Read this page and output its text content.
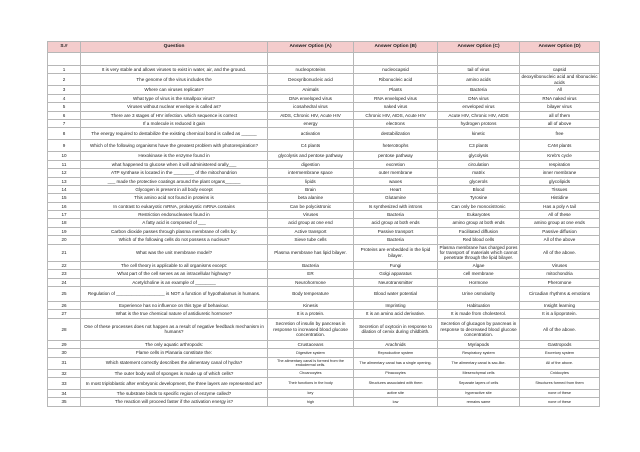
S.#	Question	Answer Option (A)	Answer Option (B)	Answer Option (C)	Answer Option (D)

1	It is very stable and allows viruses to exist in water, air, and the ground.	nucleoproteins	nucleocapsid	tail of virus	capsid
2	The genome of the virus includes the	Deoxyribonucleic acid	Ribonucleic acid	amino acids	deoxyribonucleic acid and ribonucleic acids
3	Where can viruses replicate?	Animals	Plants	Bacteria	All
4	What type of virus is the smallpox virus?	DNA enveloped virus	RNA enveloped virus	DNA virus	RNA naked virus
5	Viruses without nuclear envelope is called as?	icosahedral virus	naked virus	enveloped virus	bilayer virus
6	There are 3 stages of HIV infection. which sequence is correct	AIDS, Chronic HIV, Acute HIV	Chronic HIV, AIDS, Acute HIV	Acute HIV, Chronic HIV, AIDS	all of them
7	If a molecule is reduced it gain	energy	electrons	hydrogen protons	all of above
8	The energy required to destabilize the existing chemical bond is called as ______	activation	destabilization	kinetic	free
9	Which of the following organisms have the greatest problem with photorespiration?	C4 plants	heterotrophs	C3 plants	CAM plants
10	Hexokinase is the enzyme found in	glycolysis and pentose pathway	pentose pathway	glycolysis	Kreb's cycle
11	what happened to glucose when it will administered orally___	digestion	excretion	circulation	respiration
12	ATP synthase is located in the ________ of the mitochondrion	intermembrane space	outer membrane	matrix	inner membrane
13	___ made the protective coatings around the plant organs______	lipids	waxes	glycerols	glycolipids
14	Glycogen is present in all body except	Brain	Heart	Blood	Tissues
15	This amino acid not found in proteins is	beta alanine	Glutamine	Tyrosine	Histidine
16	In contrast to eukaryotic mRNA, prokaryotic mRNA contains	Can be polycistronic	Is synthesized with introns	Can only be monocistronic	Has a poly A tail
17	Restriction endonucleases found in	Viruses	Bacteria	Eukaryotes	All of these
18	A fatty acid is composed of ___	acid group at one end	acid group at both ends	amino group at both ends	amino group at one ends
19	Carbon dioxide passes through plasma membrane of cells by:	Active transport	Passive transport	Facilitated diffusion	Passive diffusion
20	Which of the following cells do not possess a nucleus?	Sieve tube cells	Bacteria	Red blood cells	All of the above
21	What was the unit membrane model?	Plasma membrane has lipid bilayer.	Proteins are embedded in the lipid bilayer.	Plasma membrane has charged pores for transport of materials which cannot penetrate through the lipid bilayer.	All of the above.
22	The cell theory is applicable to all organisms except:	Bacteria	Fungi	Algae	Viruses
23	What part of the cell serves as an intracellular highway?	ER	Golgi apparatus	cell membrane	mitochondria
24	Acetylcholine is an example of ________	Neurohormone	Neurotransmitter	Hormone	Pheromone
25	Regulation of ___________________ is NOT a function of hypothalamus in humans.	Body temperature	Blood water potential	Urine osmolarity	Circadian rhythms & emotions
26	Experience has no influence on this type of behaviour.	Kinesis	Imprinting	Habituation	Insight learning
27	What is the true chemical nature of antidiuretic hormone?	It is a protein.	It is an amino acid derivative.	It is made from cholesterol.	It is a lipoprotein.
28	One of these processes does not happen as a result of negative feedback mechanism in humans?	Secretion of insulin by pancreas in response to increased blood glucose concentration.	Secretion of oxytocin in response to dilation of cervix during childbirth.	Secretion of glucagon by pancreas in response to decreased blood glucose concentration.	All of the above.
29	The only aquatic arthropods:	Crustaceans	Arachnids	Myriapods	Gastropods
30	Flame cells in Planaria constitute the:	Digestive system	Reproductive system	Respiratory system	Excretory system
31	Which statement correctly describes the alimentary canal of hydra?	The alimentary canal is formed from the endodermal cells.	The alimentary canal has a single opening.	The alimentary canal is sac-like.	All of the above.
32	The outer body wall of sponges is made up of which cells?	Choanocytes	Pinacocytes	Mesenchymal cells	Cnidocytes
33	In most triploblastic after embryonic development, the three layers are represented as?	Their functions in the body	Structures associated with them	Separate layers of cells	Structures formed from them
34	The substrate binds to specific region of enzyme called?	key	active site	hyperactive site	none of these
35	The reaction will proceed faster if the activation energy is?	high	low	remains same	none of these
